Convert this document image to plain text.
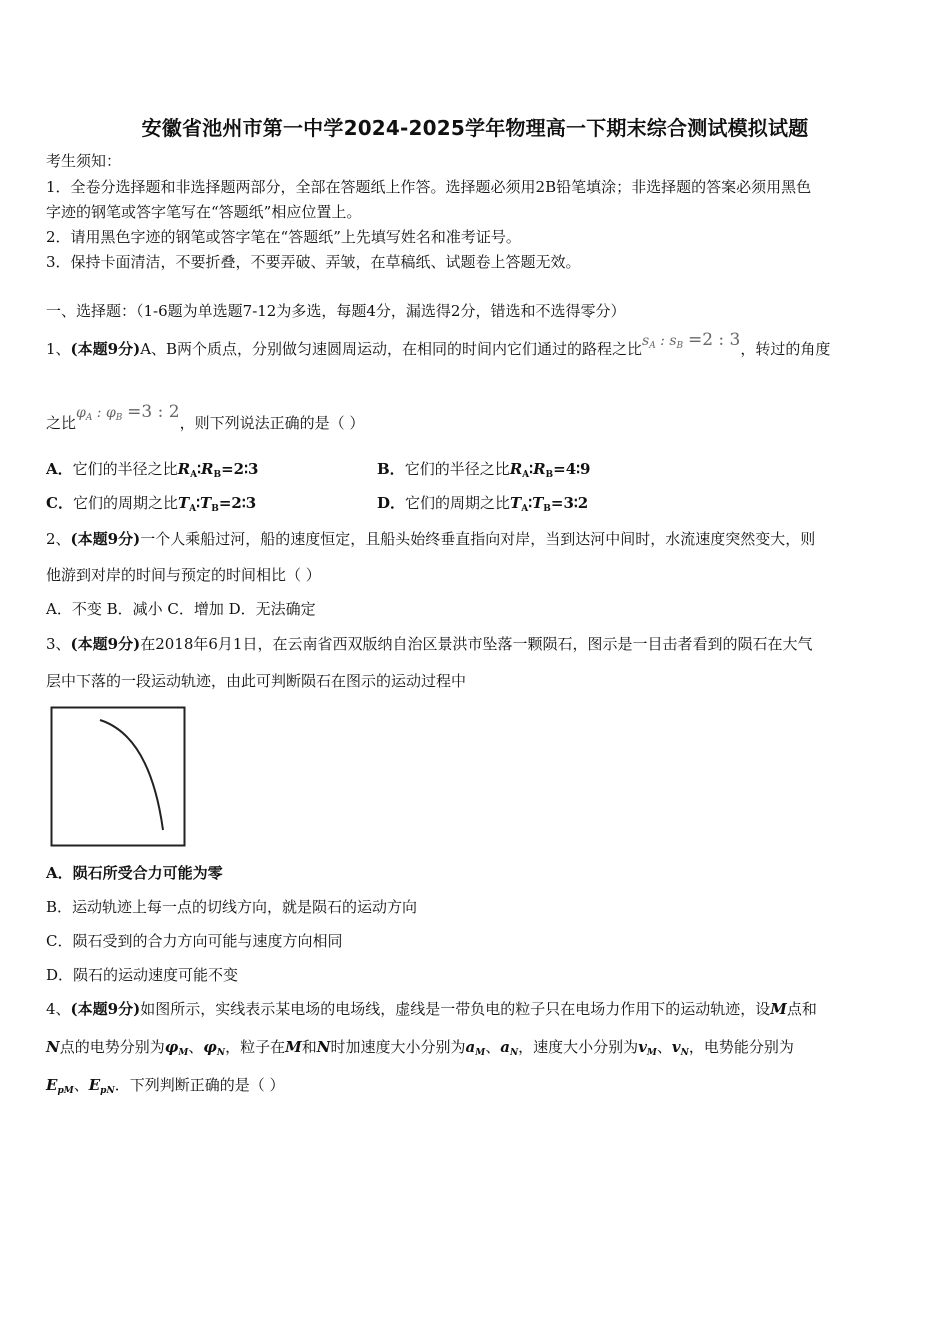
安徽省池州市第一中学2024-2025学年物理高一下期末综合测试模拟试题
考生须知：
1．全卷分选择题和非选择题两部分，全部在答题纸上作答。选择题必须用2B铅笔填涂；非选择题的答案必须用黑色
字迹的钢笔或答字笔写在“答题纸”相应位置上。
2．请用黑色字迹的钢笔或答字笔在“答题纸”上先填写姓名和准考证号。
3．保持卡面清洁，不要折叠，不要弄破、弄皱，在草稿纸、试题卷上答题无效。
一、选择题：（1-6题为单选题7-12为多选，每题4分，漏选得2分，错选和不选得零分）
1、(本题9分)A、B两个质点，分别做匀速圆周运动，在相同的时间内它们通过的路程之比$s_A$ : $s_B =2$ : 3，转过的角度
之比$\varphi_A$ : $\varphi_B =3$ : 2，则下列说法正确的是（ ）
A．它们的半径之比$R_A∶R_B=2∶3$	B．它们的半径之比$R_A∶R_B=4∶9$
C．它们的周期之比$T_A∶T_B=2∶3$	D．它们的周期之比$T_A∶T_B=3∶2$
2、(本题9分)一个人乘船过河，船的速度恒定，且船头始终垂直指向对岸，当到达河中间时，水流速度突然变大，则
他游到对岸的时间与预定的时间相比（ ）
A．不变 B．减小 C．增加 D．无法确定
3、(本题9分)在2018年6月1日，在云南省西双版纳自治区景洪市坠落一颗陨石，图示是一目击者看到的陨石在大气
层中下落的一段运动轨迹，由此可判断陨石在图示的运动过程中
A．陨石所受合力可能为零
B．运动轨迹上每一点的切线方向，就是陨石的运动方向
C．陨石受到的合力方向可能与速度方向相同
D．陨石的运动速度可能不变
4、(本题9分)如图所示，实线表示某电场的电场线，虚线是一带负电的粒子只在电场力作用下的运动轨迹，设M点和
N点的电势分别为$\varphi_M$、$\varphi_N$，粒子在M和N时加速度大小分别为$a_M$、$a_N$，速度大小分别为$v_M$、$v_N$，电势能分别为
$E_{pM}$、$E_{pN}$．下列判断正确的是（ ）
